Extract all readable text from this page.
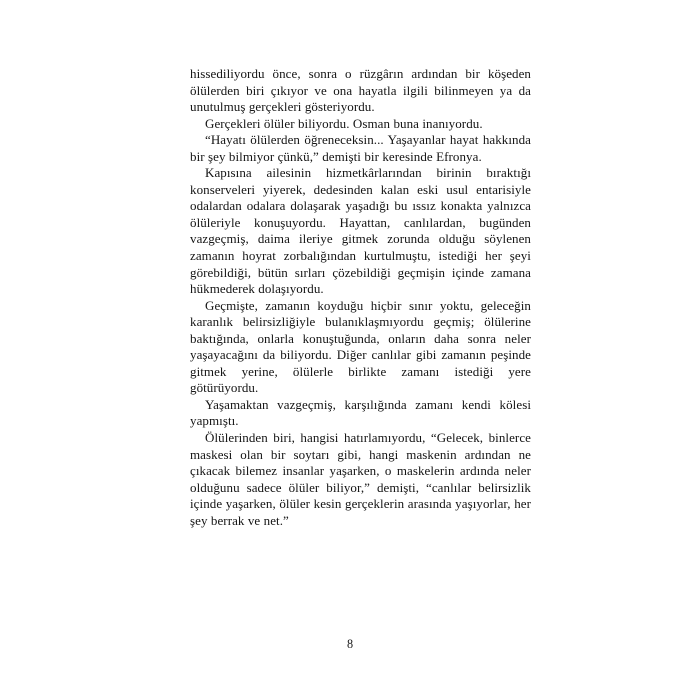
hissediliyordu önce, sonra o rüzgârın ardından bir köşeden ölülerden biri çıkıyor ve ona hayatla ilgili bilinmeyen ya da unutulmuş gerçekleri gösteriyordu.

Gerçekleri ölüler biliyordu. Osman buna inanıyordu.

“Hayatı ölülerden öğreneceksin... Yaşayanlar hayat hakkında bir şey bilmiyor çünkü,” demişti bir keresinde Efronya.

Kapısına ailesinin hizmetkârlarından birinin bıraktığı konserveleri yiyerek, dedesinden kalan eski usul entarisiyle odalardan odalara dolaşarak yaşadığı bu ıssız konakta yalnızca ölüleriyle konuşuyordu. Hayattan, canlılardan, bugünden vazgeçmiş, daima ileriye gitmek zorunda olduğu söylenen zamanın hoyrat zorbalığından kurtulmuştu, istediği her şeyi görebildiği, bütün sırları çözebildiği geçmişin içinde zamana hükmederek dolaşıyordu.

Geçmişte, zamanın koyduğu hiçbir sınır yoktu, geleceğin karanlık belirsizliğiyle bulanıklaşmıyordu geçmiş; ölülerine baktığında, onlarla konuştuğunda, onların daha sonra neler yaşayacağını da biliyordu. Diğer canlılar gibi zamanın peşinde gitmek yerine, ölülerle birlikte zamanı istediği yere götürüyordu.

Yaşamaktan vazgeçmiş, karşılığında zamanı kendi kölesi yapmıştı.

Ölülerinden biri, hangisi hatırlamıyordu, “Gelecek, binlerce maskesi olan bir soytarı gibi, hangi maskenin ardından ne çıkacak bilemez insanlar yaşarken, o maskelerin ardında neler olduğunu sadece ölüler biliyor,” demişti, “canlılar belirsizlik içinde yaşarken, ölüler kesin gerçeklerin arasında yaşıyorlar, her şey berrak ve net.”

8
